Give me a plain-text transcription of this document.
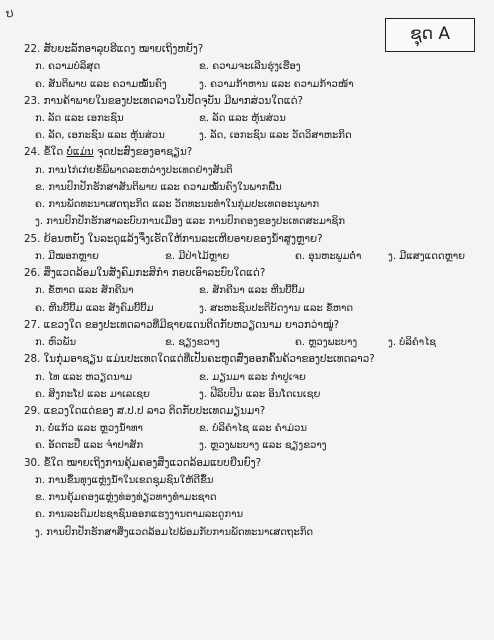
ບ
ຊຸດ A
22. ສັບຍະລັກອາລຸບຮີແດງ ໝາຍເຖິງຫຍັງ?
ກ. ຄວາມບໍລິສຸດ	ຂ. ຄວາມຈະເລີນຮຸ່ງເຮືອງ
ຄ. ສັນຕິພາບ ແລະ ຄວາມໝັ້ນຄົງ	ງ. ຄວາມກ້າຫານ ແລະ ຄວາມກ້າວໜ້າ
23. ການຄ້າພາຍໃນຂອງປະເທດລາວໃນປັດຈຸບັນ ມີພາກສ່ວນໃດແດ່?
ກ. ລັດ ແລະ ເອກະຊົນ	ຂ. ລັດ ແລະ ຫຸ້ນສ່ວນ
ຄ. ລັດ, ເອກະຊົນ ແລະ ຫຸ້ນສ່ວນ	ງ. ລັດ, ເອກະຊົນ ແລະ ວັດວິສາຫະກິດ
24. ຂໍ້ໃດ ບໍ່ແມ່ນ ຈຸດປະສົງຂອງອາຊຽນ?
ກ. ການໄກ່ເກ່ຍຂໍ້ພິພາດລະຫວ່າງປະເທດຢ່າງສັນຕິ
ຂ. ການປົກປັກຮັກສາສັນຕິພາບ ແລະ ຄວາມໝັ້ນຄົງໃນພາກພື້ນ
ຄ. ການພັດທະນາເສດຖະກິດ ແລະ ວັດທະນະທໍາໃນກຸ່ມປະເທດອະນຸພາກ
ງ. ການປົກປັກຮັກສາລະບົບການເມືອງ ແລະ ການປົກຄອງຂອງປະເທດສະມາຊິກ
25. ຍ້ອນຫຍັງ ໃນລະດູແລ້ງຈຶ່ງເຮັດໃຫ້ການລະເຫີຍອາຍຂອງນໍ້າສູງຫຼາຍ?
ກ. ມີໝອກຫຼາຍ	ຂ. ມີປ່າໄມ້ຫຼາຍ	ຄ. ອຸນຫະພູມຕໍ່າ	ງ. ມີແສງແດດຫຼາຍ
26. ສິ່ງແວດລ້ອມໃນສັງຄົມກະສິກໍາ ກອບເອົາລະບົບໃດແດ່?
ກ. ຂໍ້ຫາດ ແລະ ສັກຄີນາ	ຂ. ສັກຄີນາ ແລະ ຫີນບີ້ບີ້ມ
ຄ. ຫີນບີ້ບີ້ມ ແລະ ສັງຄົມບີ້ບີ້ມ	ງ. ສະຫະຊົນປະຕິບັດງານ ແລະ ຂໍ້ຫາດ
27. ແຂວງໃດ ຂອງປະເທດລາວທີ່ມີຊາຍແດນຕິດກັບຫວຽດນາມ ຍາວກວ່າໝູ່?
ກ. ຫົວພັນ	ຂ. ຊຽງຂວາງ	ຄ. ຫຼວງພະບາງ	ງ. ບໍລິຄໍາໄຊ
28. ໃນກຸ່ມອາຊຽນ ແມ່ນປະເທດໃດແດ່ທີ່ເປັນຄະຫູດສົ່ງອອກຄົ້ນຄ້ວາຂອງປະເທດລາວ?
ກ. ໄທ ແລະ ຫວຽດນາມ	ຂ. ມຽນມາ ແລະ ກໍາປູເຈຍ
ຄ. ສິງກະໂປ ແລະ ມາເລເຊຍ	ງ. ຟີລິບປິນ ແລະ ອິນໂດເນເຊຍ
29. ແຂວງໃດແດ່ຂອງ ສ.ປ.ປ ລາວ ຕິດກັບປະເທດມຽນມາ?
ກ. ບໍ່ແກ້ວ ແລະ ຫຼວງນໍ້າທາ	ຂ. ບໍລິຄໍາໄຊ ແລະ ຄໍາມ່ວນ
ຄ. ອັດຕະປື ແລະ ຈໍາປາສັກ	ງ. ຫຼວງພະບາງ ແລະ ຊຽງຂວາງ
30. ຂໍ້ໃດ ໝາຍເຖິງການຄຸ້ມຄອງສິ່ງແວດລ້ອມແບບຍືນຍົງ?
ກ. ການຂຶ້ນທຸງແຫຼ່ງນໍ້າໃນເຂດຊຸມຊົນໃຫ້ດີຂຶ້ນ
ຂ. ການຄຸ້ມຄອງແຫຼ່ງທ່ອງທ່ຽວທາງທໍາມະຊາດ
ຄ. ການລະດົມປະຊາຊົນອອກແຮງງານຕາມລະດູການ
ງ. ການປົກປັກຮັກສາສິ່ງແວດລ້ອມໄປພ້ອມກັບການພັດທະນາເສດຖະກິດ
